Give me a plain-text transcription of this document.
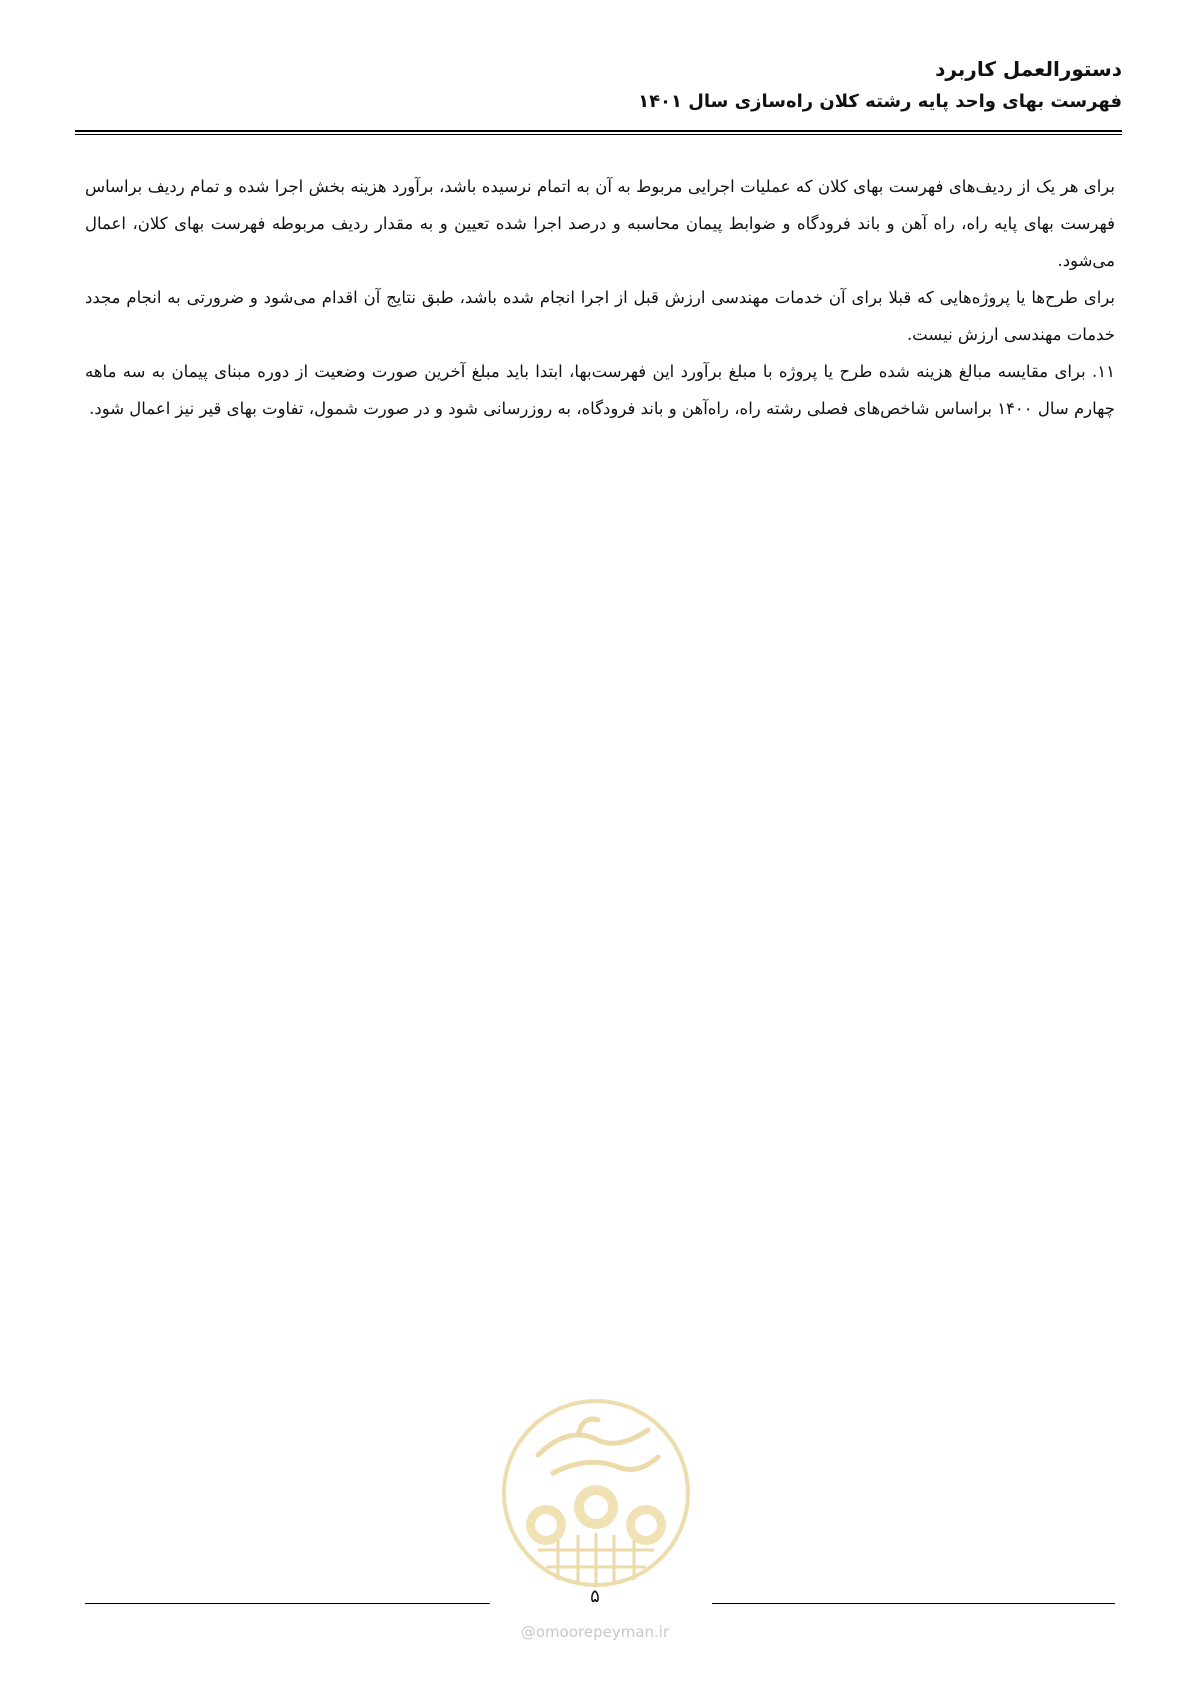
دستورالعمل کاربرد
فهرست بهای واحد پایه رشته کلان راه‌سازی سال ۱۴۰۱

برای هر یک از ردیف‌های فهرست بهای کلان که عملیات اجرایی مربوط به آن به اتمام نرسیده باشد، برآورد هزینه بخش اجرا شده و تمام ردیف براساس فهرست بهای پایه راه، راه آهن و باند فرودگاه و ضوابط پیمان محاسبه و درصد اجرا شده تعیین و به مقدار ردیف مربوطه فهرست بهای کلان، اعمال می‌شود.

برای طرح‌ها یا پروژه‌هایی که قبلا برای آن خدمات مهندسی ارزش قبل از اجرا انجام شده باشد، طبق نتایج آن اقدام می‌شود و ضرورتی به انجام مجدد خدمات مهندسی ارزش نیست.

۱۱. برای مقایسه مبالغ هزینه شده طرح یا پروژه با مبلغ برآورد این فهرست‌بها، ابتدا باید مبلغ آخرین صورت وضعیت از دوره مبنای پیمان به سه ماهه چهارم سال ۱۴۰۰ براساس شاخص‌های فصلی رشته راه، راه‌آهن و باند فرودگاه، به روزرسانی شود و در صورت شمول، تفاوت بهای قیر نیز اعمال شود.

۵
@omoorepeyman.ir
